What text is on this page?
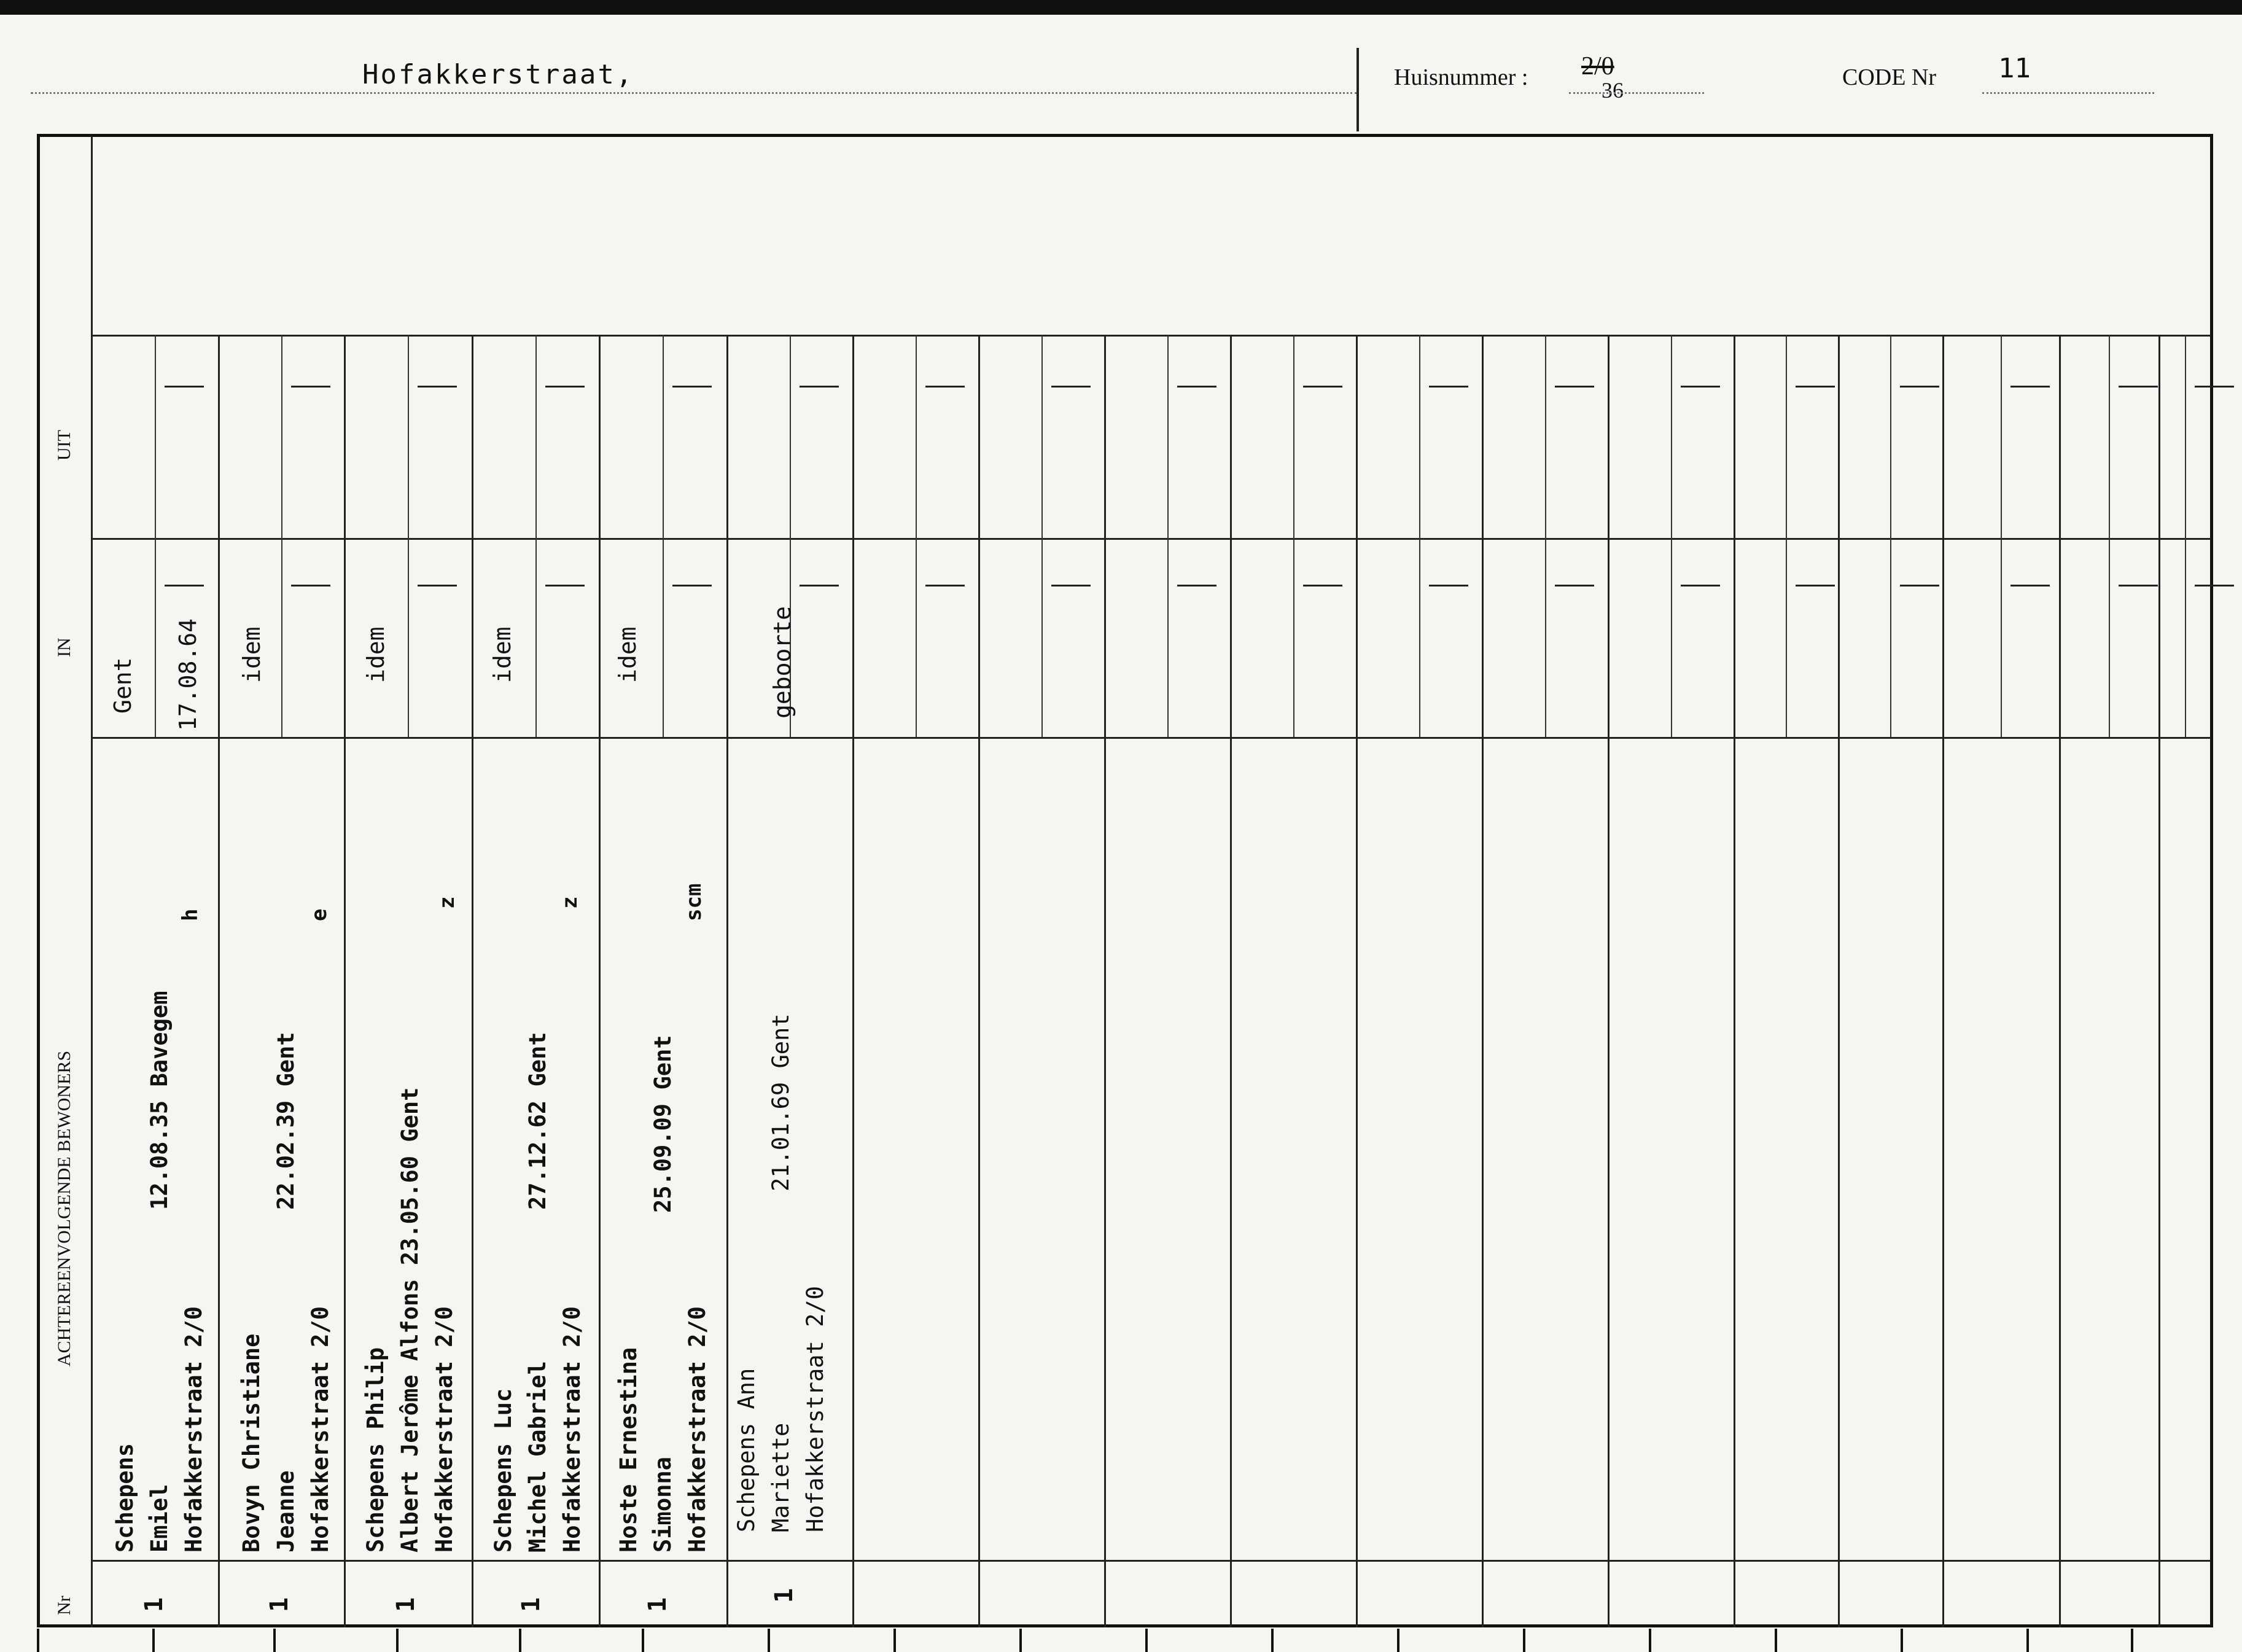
Hofakkerstraat,	Huisnummer : 2/0
36	CODE Nr 11
UIT
IN
ACHTEREENVOLGENDE BEWONERS
Nr
Gent 17.08.64
Schepens Emiel
12.08.35 Bavegem
Hofakkerstraat 2/0
h
1
idem
Bovyn Christiane Jeanne
22.02.39 Gent
Hofakkerstraat 2/0
e
1
idem
Schepens Philip Albert Jerôme Alfons 23.05.60 Gent Hofakkerstraat 2/0
z
1
idem
Schepens Luc Michel Gabriel
27.12.62 Gent
Hofakkerstraat 2/0
z
1
idem
Hoste Ernestina Simonna
25.09.09 Gent
Hofakkerstraat 2/0
scm
1
geboorte
Schepens Ann Mariette
21.01.69 Gent
Hofakkerstraat 2/0
1
